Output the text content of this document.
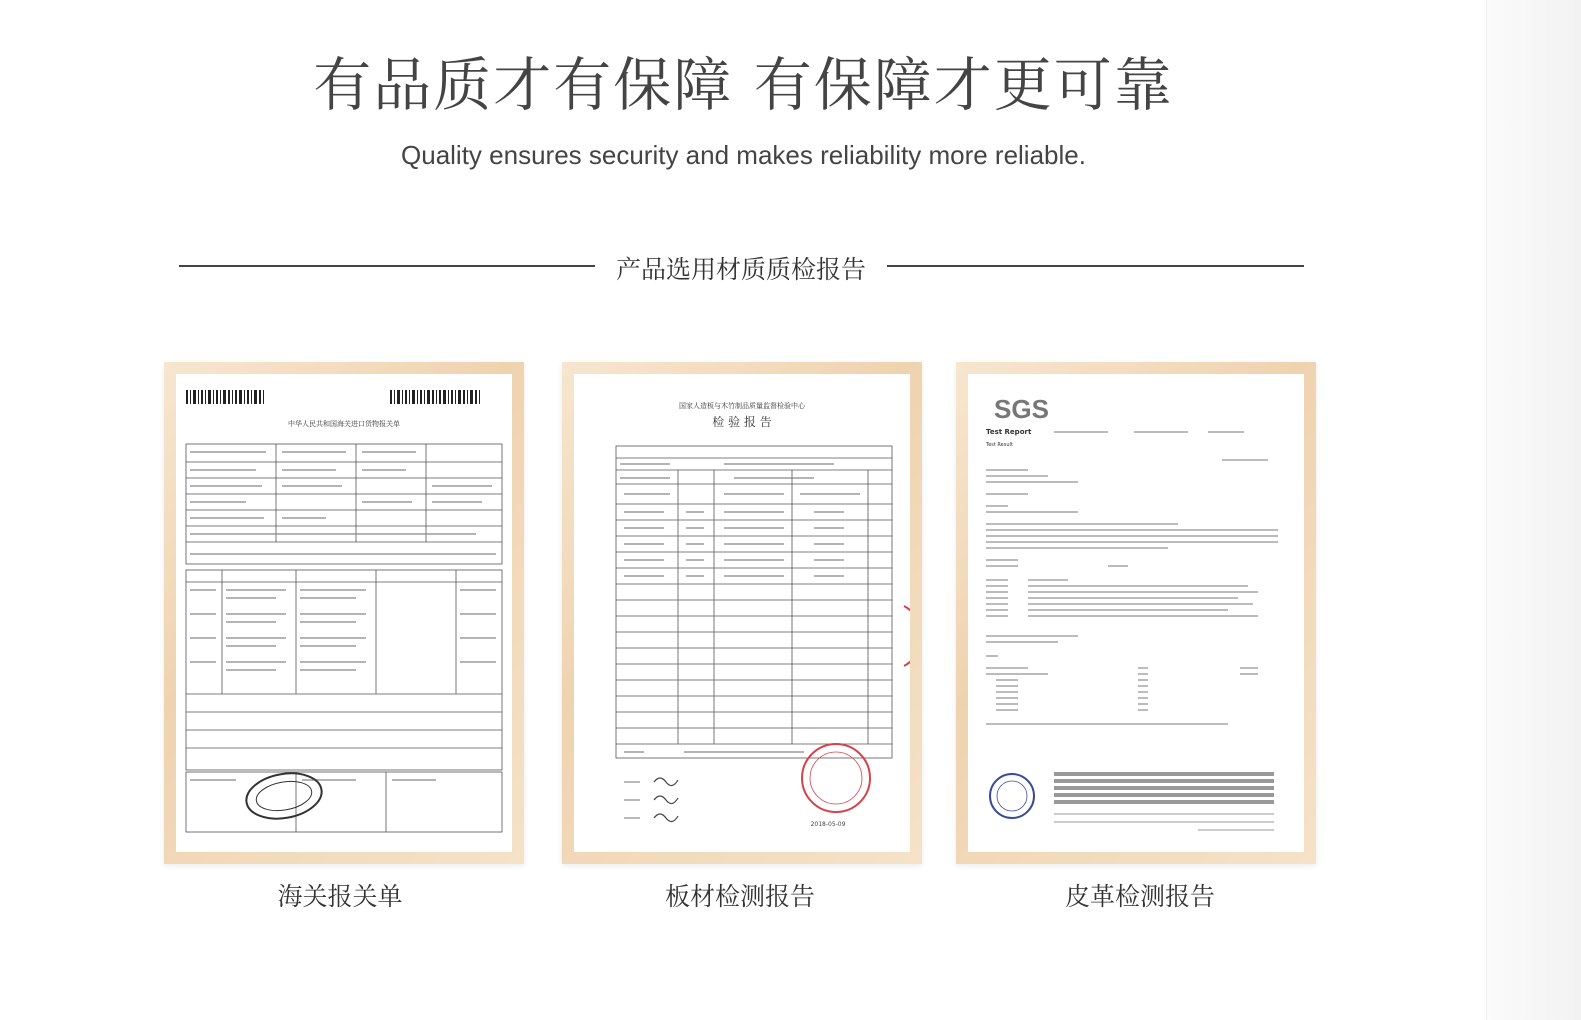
有品质才有保障 有保障才更可靠
Quality ensures security and makes reliability more reliable.
产品选用材质质检报告
中华人民共和国海关进口货物报关单
海关报关单
国家人造板与木竹制品质量监督检验中心
检 验 报 告
2018-05-09
板材检测报告
SGS
Test Report
Test Result
皮革检测报告
